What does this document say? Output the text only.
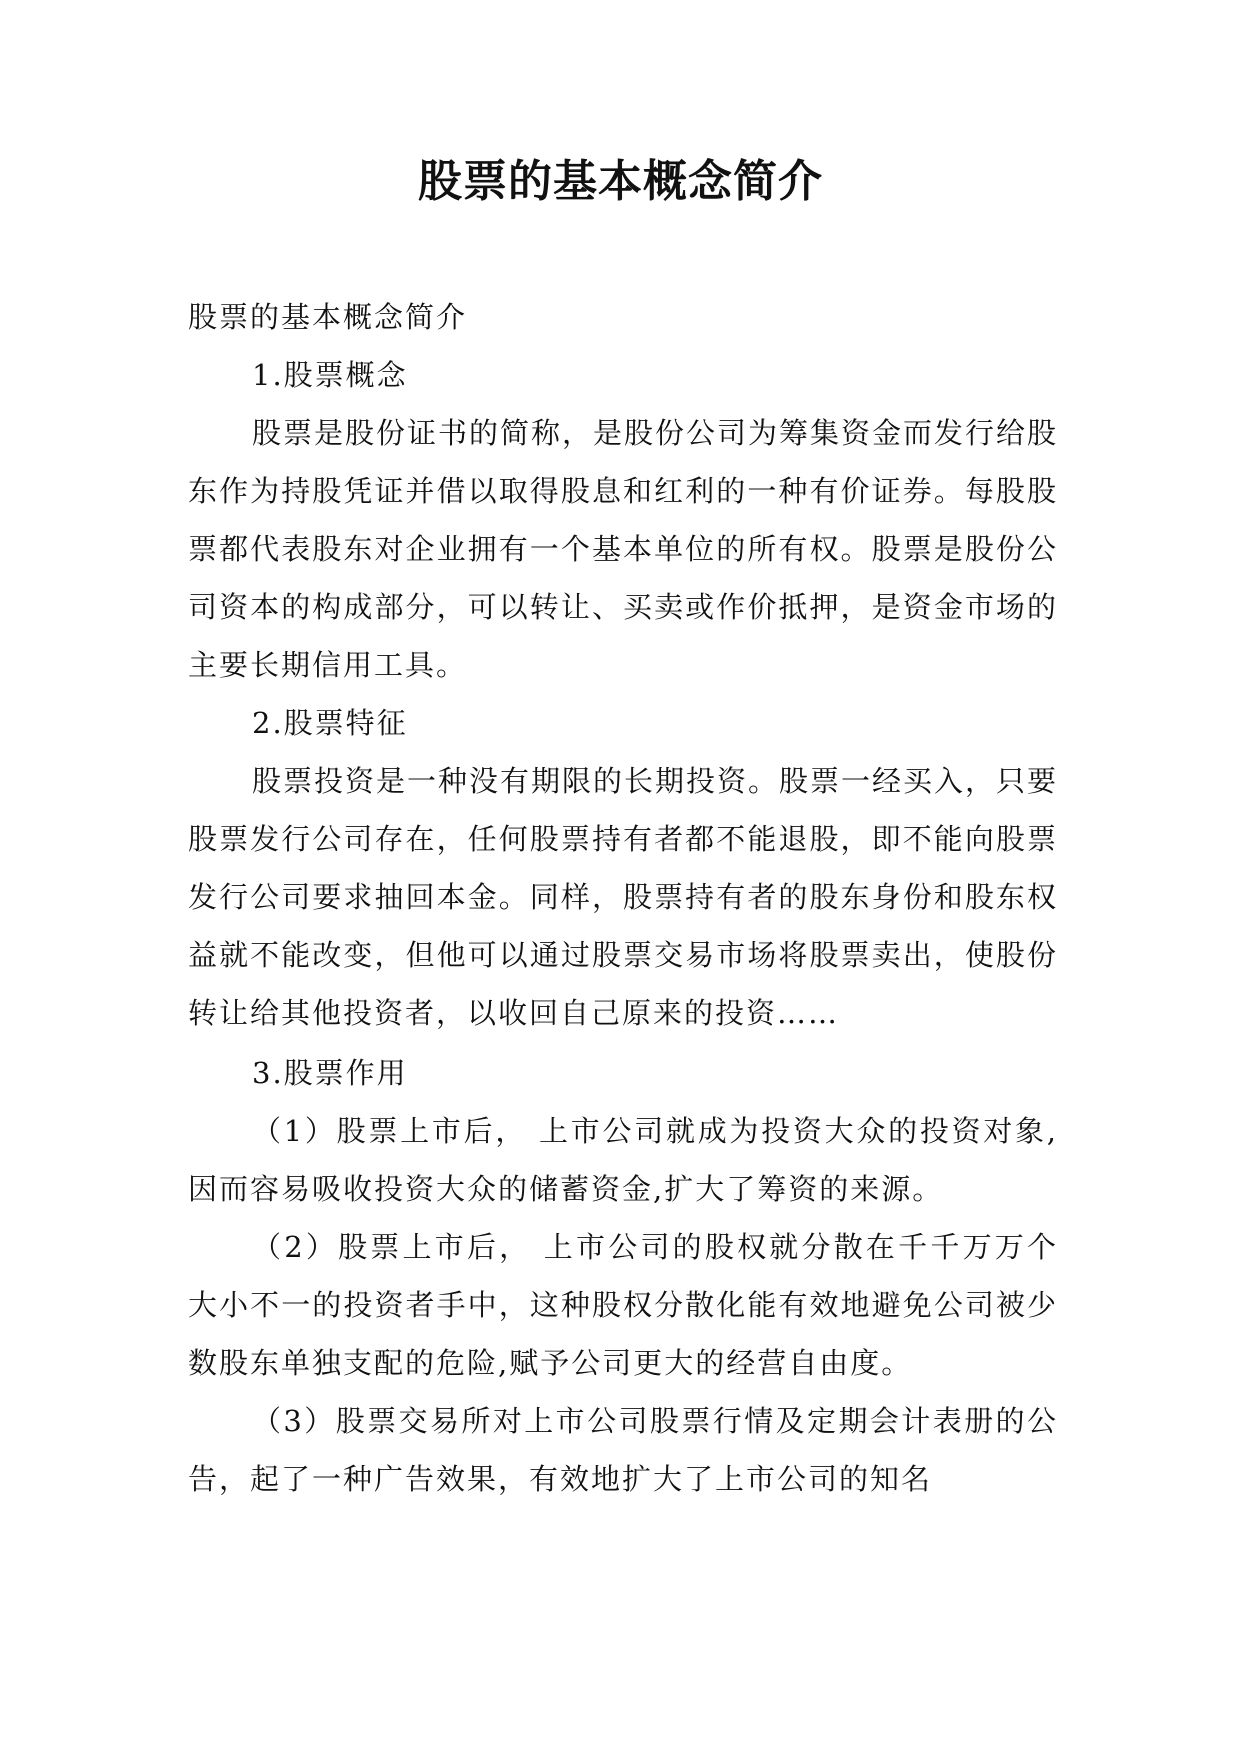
股票的基本概念简介

股票的基本概念简介

1.股票概念

股票是股份证书的简称，是股份公司为筹集资金而发行给股东作为持股凭证并借以取得股息和红利的一种有价证券。每股股票都代表股东对企业拥有一个基本单位的所有权。股票是股份公司资本的构成部分，可以转让、买卖或作价抵押，是资金市场的主要长期信用工具。

2.股票特征

股票投资是一种没有期限的长期投资。股票一经买入，只要股票发行公司存在，任何股票持有者都不能退股，即不能向股票发行公司要求抽回本金。同样，股票持有者的股东身份和股东权益就不能改变，但他可以通过股票交易市场将股票卖出，使股份转让给其他投资者，以收回自己原来的投资……

3.股票作用

（1）股票上市后， 上市公司就成为投资大众的投资对象,因而容易吸收投资大众的储蓄资金,扩大了筹资的来源。

（2）股票上市后， 上市公司的股权就分散在千千万万个大小不一的投资者手中，这种股权分散化能有效地避免公司被少数股东单独支配的危险,赋予公司更大的经营自由度。

（3）股票交易所对上市公司股票行情及定期会计表册的公告，起了一种广告效果，有效地扩大了上市公司的知名
